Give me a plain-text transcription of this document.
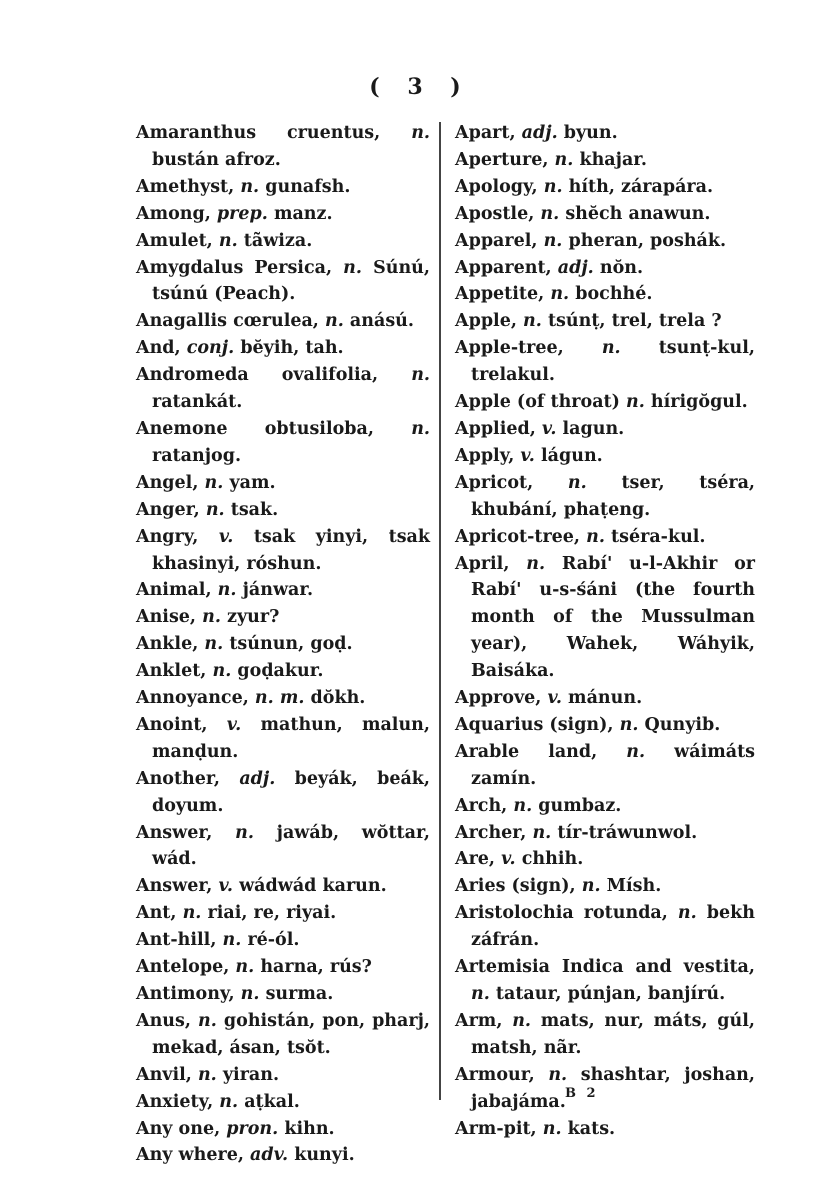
( 3 )

Amaranthus cruentus, n. bustán afroz.

Amethyst, n. gunafsh.

Among, prep. manz.

Amulet, n. tãwiza.

Amygdalus Persica, n. Súnú, tsúnú (Peach).

Anagallis cœrulea, n. anású.

And, conj. bĕyih, tah.

Andromeda ovalifolia, n. ratankát.

Anemone obtusiloba, n. ratanjog.

Angel, n. yam.

Anger, n. tsak.

Angry, v. tsak yinyi, tsak khasinyi, róshun.

Animal, n. jánwar.

Anise, n. zyur?

Ankle, n. tsúnun, goḍ.

Anklet, n. goḍakur.

Annoyance, n. m. dŏkh.

Anoint, v. mathun, malun, manḍun.

Another, adj. beyák, beák, doyum.

Answer, n. jawáb, wŏttar, wád.

Answer, v. wádwád karun.

Ant, n. riai, re, riyai.

Ant-hill, n. ré-ól.

Antelope, n. harna, rús?

Antimony, n. surma.

Anus, n. gohistán, pon, pharj, mekad, ásan, tsŏt.

Anvil, n. yiran.

Anxiety, n. aṭkal.

Any one, pron. kihn.

Any where, adv. kunyi.

Apart, adj. byun.

Aperture, n. khajar.

Apology, n. híth, zárapára.

Apostle, n. shĕch anawun.

Apparel, n. pheran, poshák.

Apparent, adj. nŏn.

Appetite, n. bochhé.

Apple, n. tsúnṭ, trel, trela ?

Apple-tree, n. tsunṭ-kul, trelakul.

Apple (of throat) n. hírigŏgul.

Applied, v. lagun.

Apply, v. lágun.

Apricot, n. tser, tséra, khubání, phaṭeng.

Apricot-tree, n. tséra-kul.

April, n. Rabí' u-l-Akhir or Rabí' u-s-śáni (the fourth month of the Mussulman year), Wahek, Wáhyik, Baisáka.

Approve, v. mánun.

Aquarius (sign), n. Qunyib.

Arable land, n. wáimáts zamín.

Arch, n. gumbaz.

Archer, n. tír-tráwunwol.

Are, v. chhih.

Aries (sign), n. Mísh.

Aristolochia rotunda, n. bekh záfrán.

Artemisia Indica and vestita, n. tataur, púnjan, banjírú.

Arm, n. mats, nur, máts, gúl, matsh, nãr.

Armour, n. shashtar, joshan, jabajáma.

Arm-pit, n. kats.

B 2
